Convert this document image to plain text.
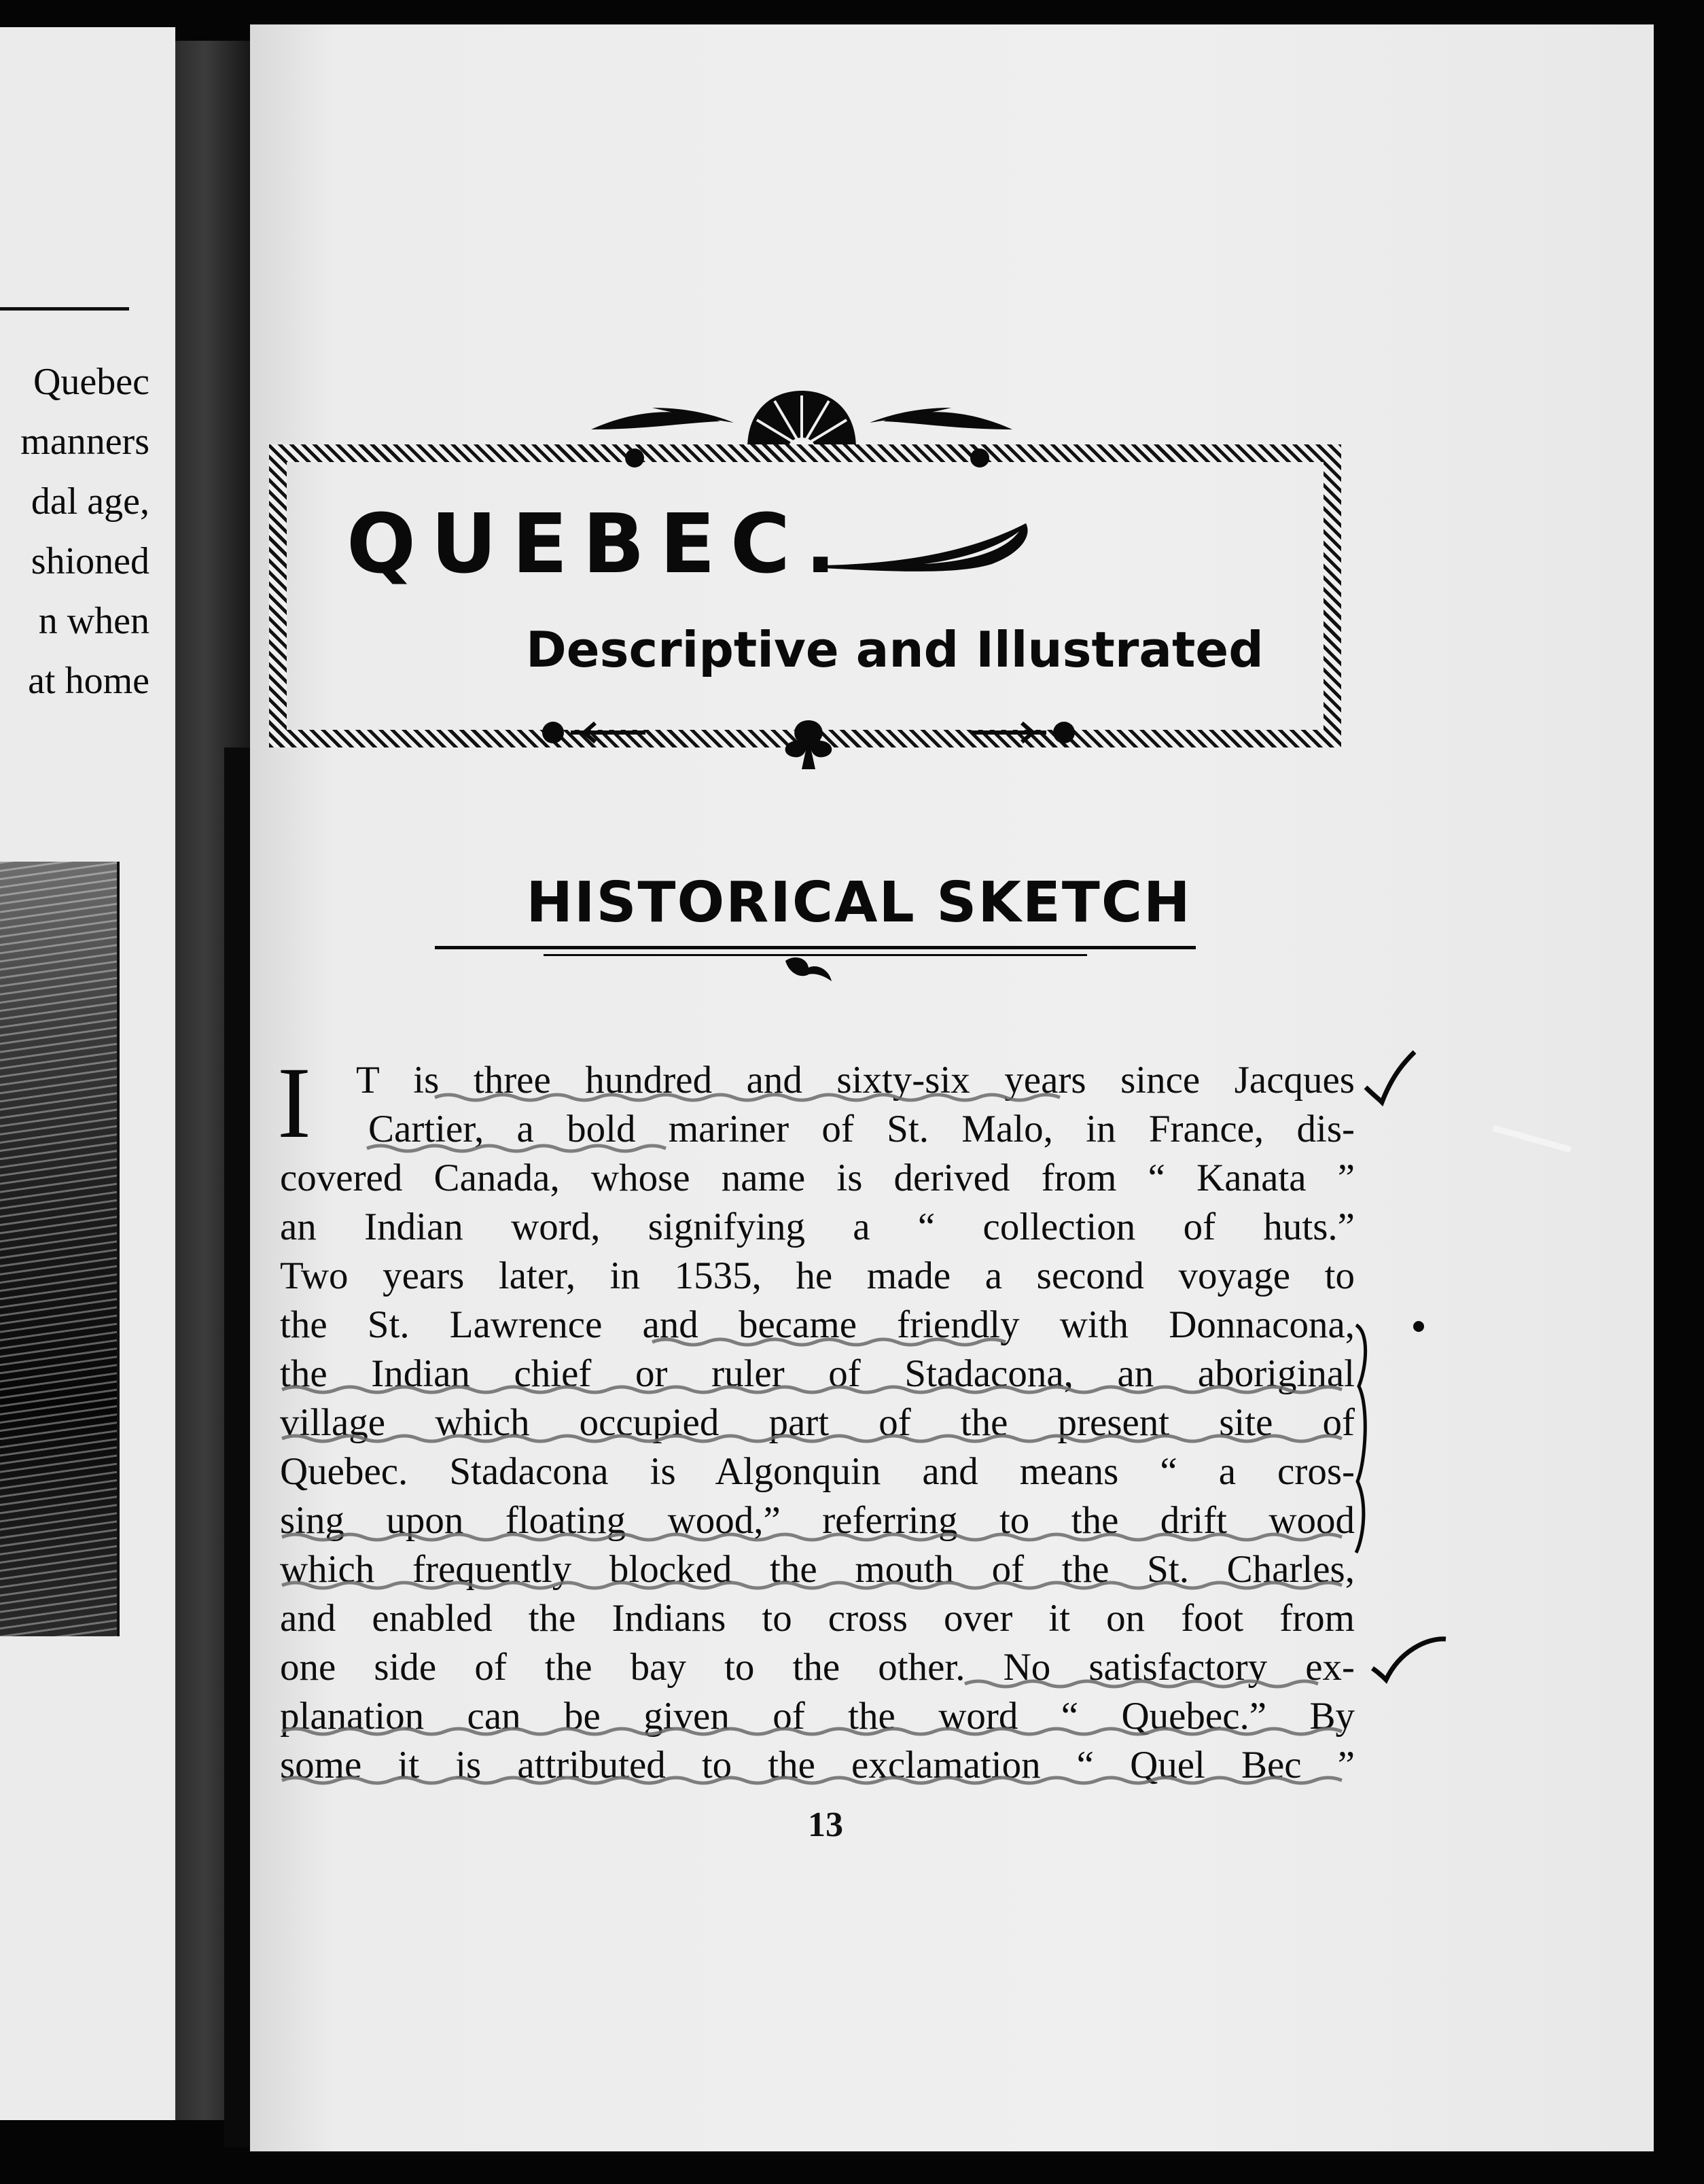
Quebec
manners
dal age,
shioned
n when
at home
QUEBEC.
Descriptive and Illustrated
HISTORICAL SKETCH
I	T is three hundred and sixty-six years since Jacques
Cartier, a bold mariner of St. Malo, in France, dis-
covered Canada, whose name is derived from “ Kanata ”
an Indian word, signifying a “ collection of huts.”
Two years later, in 1535, he made a second voyage to
the St. Lawrence and became friendly with Donnacona,
the Indian chief or ruler of Stadacona, an aboriginal
village which occupied part of the present site of
Quebec. Stadacona is Algonquin and means “ a cros-
sing upon floating wood,” referring to the drift wood
which frequently blocked the mouth of the St. Charles,
and enabled the Indians to cross over it on foot from
one side of the bay to the other. No satisfactory ex-
planation can be given of the word “ Quebec.” By
some it is attributed to the exclamation “ Quel Bec ”
13
